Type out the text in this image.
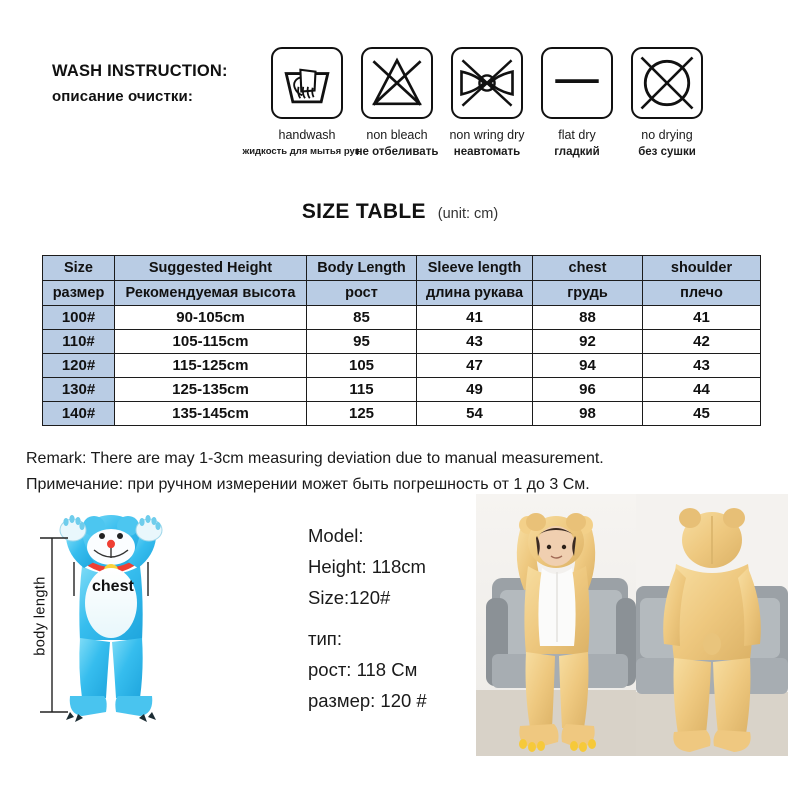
WASH INSTRUCTION:
описание очистки:
handwash
жидкость для мытья рук
non bleach
не отбеливать
non wring dry
неавтомать
flat dry
гладкий
no drying
без сушки
SIZE TABLE (unit: cm)
Size	Suggested Height	Body Length	Sleeve length	chest	shoulder
размер	Рекомендуемая высота	рост	длина рукава	грудь	плечо
100#	90-105cm	85	41	88	41
110#	105-115cm	95	43	92	42
120#	115-125cm	105	47	94	43
130#	125-135cm	115	49	96	44
140#	135-145cm	125	54	98	45
Remark: There are may 1-3cm measuring deviation due to manual measurement.
Примечание: при ручном измерении может быть погрешность от 1 до 3 См.
body length	chest
Model:
Height: 118cm
Size:120#
тип:
рост: 118 См
размер: 120 #
